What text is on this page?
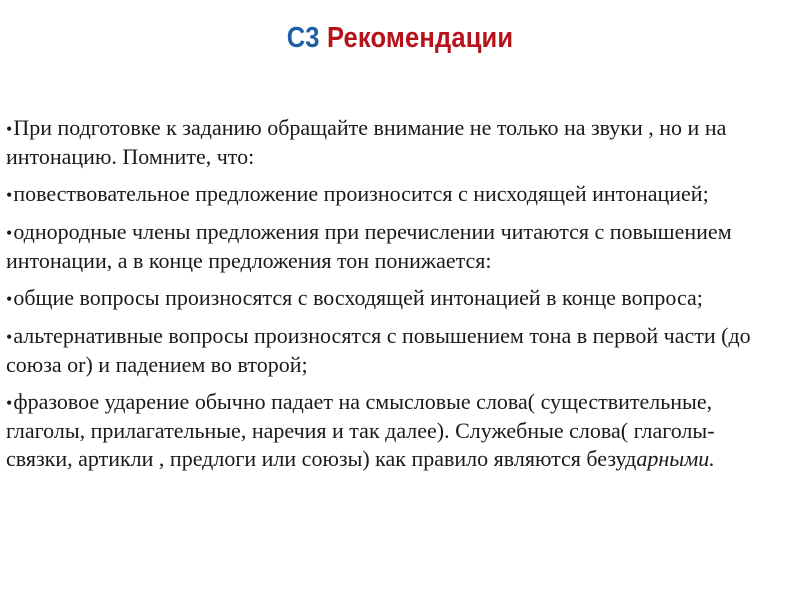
С3 Рекомендации

•При подготовке к заданию обращайте внимание не только на звуки , но и на интонацию. Помните, что:

•повествовательное предложение произносится с нисходящей интонацией;

•однородные члены предложения при перечислении читаются с повышением интонации, а в конце предложения тон понижается:

•общие вопросы произносятся с восходящей интонацией в конце вопроса;

•альтернативные вопросы произносятся с повышением тона в первой части (до союза or) и падением во второй;

•фразовое ударение обычно падает на смысловые слова( существительные, глаголы, прилагательные, наречия и так далее). Служебные слова( глаголы-связки, артикли , предлоги или союзы) как правило являются безударными.
